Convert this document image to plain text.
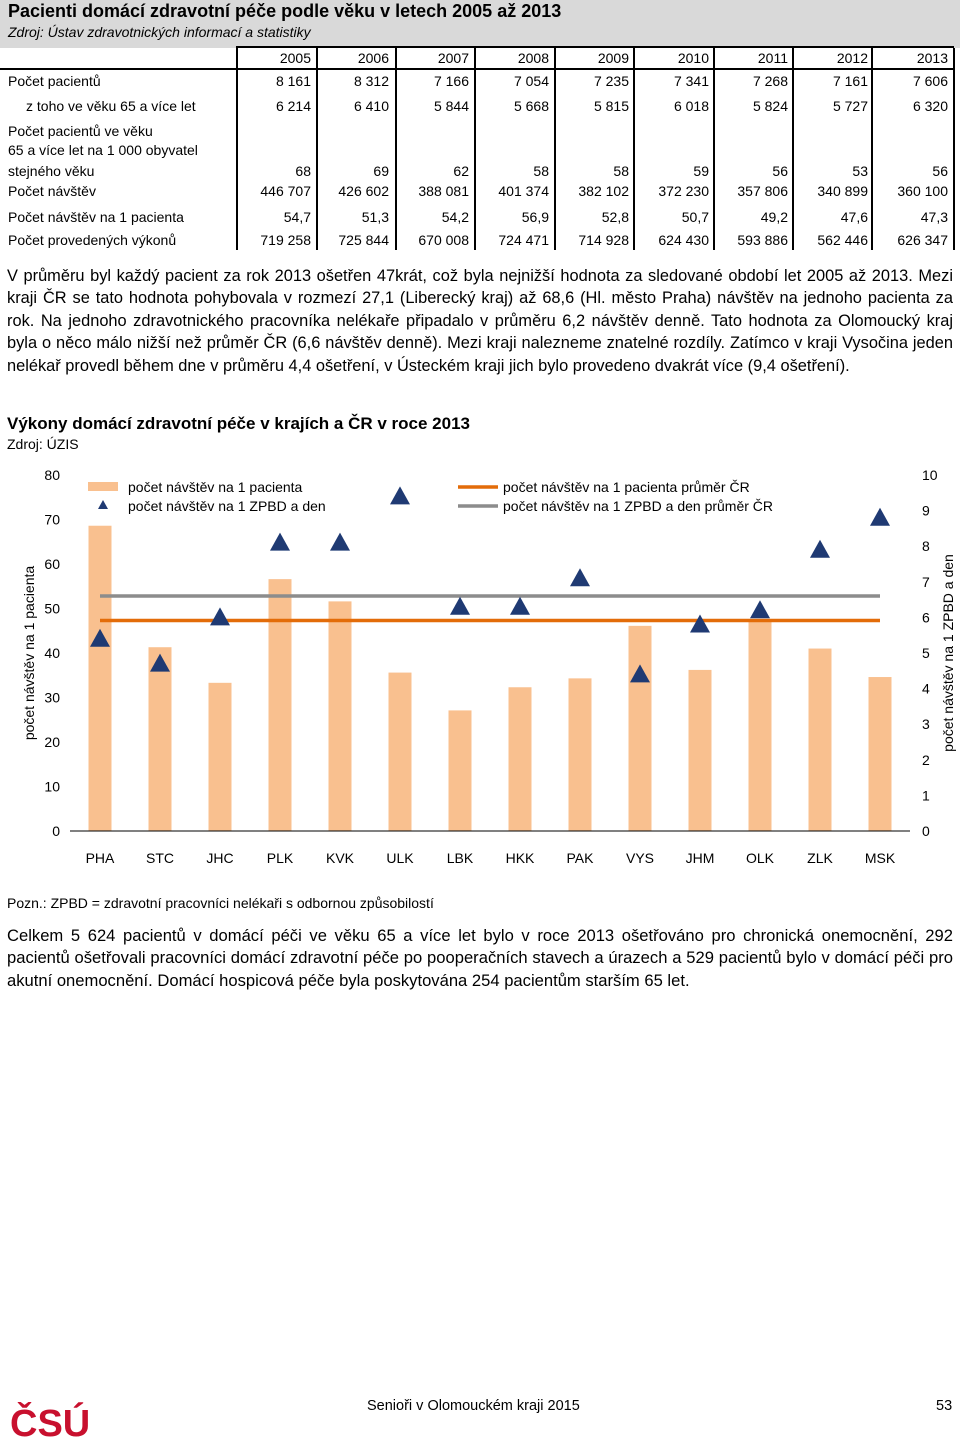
Pacienti domácí zdravotní péče podle věku v letech 2005 až 2013
Zdroj: Ústav zdravotnických informací a statistiky
2005	2006	2007	2008	2009	2010	2011	2012	2013
Počet pacientů	8 161	8 312	7 166	7 054	7 235	7 341	7 268	7 161	7 606
z toho ve věku 65 a více let	6 214	6 410	5 844	5 668	5 815	6 018	5 824	5 727	6 320
Počet pacientů ve věku
65 a více let na 1 000 obyvatel
stejného věku	68	69	62	58	58	59	56	53	56
Počet návštěv	446 707	426 602	388 081	401 374	382 102	372 230	357 806	340 899	360 100
Počet návštěv na 1 pacienta	54,7	51,3	54,2	56,9	52,8	50,7	49,2	47,6	47,3
Počet provedených výkonů	719 258	725 844	670 008	724 471	714 928	624 430	593 886	562 446	626 347
V průměru byl každý pacient za rok 2013 ošetřen 47krát, což byla nejnižší hodnota za sledované období let 2005 až 2013. Mezi kraji ČR se tato hodnota pohybovala v rozmezí 27,1 (Liberecký kraj) až 68,6 (Hl. město Praha) návštěv na jednoho pacienta za rok. Na jednoho zdravotnického pracovníka nelékaře připadalo v průměru 6,2 návštěv denně. Tato hodnota za Olomoucký kraj byla o něco málo nižší než průměr ČR (6,6 návštěv denně). Mezi kraji nalezneme znatelné rozdíly. Zatímco v kraji Vysočina jeden nelékař provedl během dne v průměru 4,4 ošetření, v Ústeckém kraji jich bylo provedeno dvakrát více (9,4 ošetření).
Výkony domácí zdravotní péče v krajích a ČR v roce 2013
Zdroj: ÚZIS
0
10
20
30
40
50
60
70
80
0
1
2
3
4
5
6
7
8
9
10
počet návštěv na 1 pacienta	počet návštěv na 1 ZPBD a den
PHA STC JHC PLK KVK ULK LBK HKK PAK VYS JHM OLK ZLK MSK
počet návštěv na 1 pacienta
počet návštěv na 1 ZPBD a den
počet návštěv na 1 pacienta průměr ČR
počet návštěv na 1 ZPBD a den průměr ČR
Pozn.: ZPBD = zdravotní pracovníci nelékaři s odbornou způsobilostí
Celkem 5 624 pacientů v domácí péči ve věku 65 a více let bylo v roce 2013 ošetřováno pro chronická onemocnění, 292 pacientů ošetřovali pracovníci domácí zdravotní péče po pooperačních stavech a úrazech a 529 pacientů bylo v domácí péči pro akutní onemocnění. Domácí hospicová péče byla poskytována 254 pacientům starším 65 let.
ČSÚ	Senioři v Olomouckém kraji 2015	53
